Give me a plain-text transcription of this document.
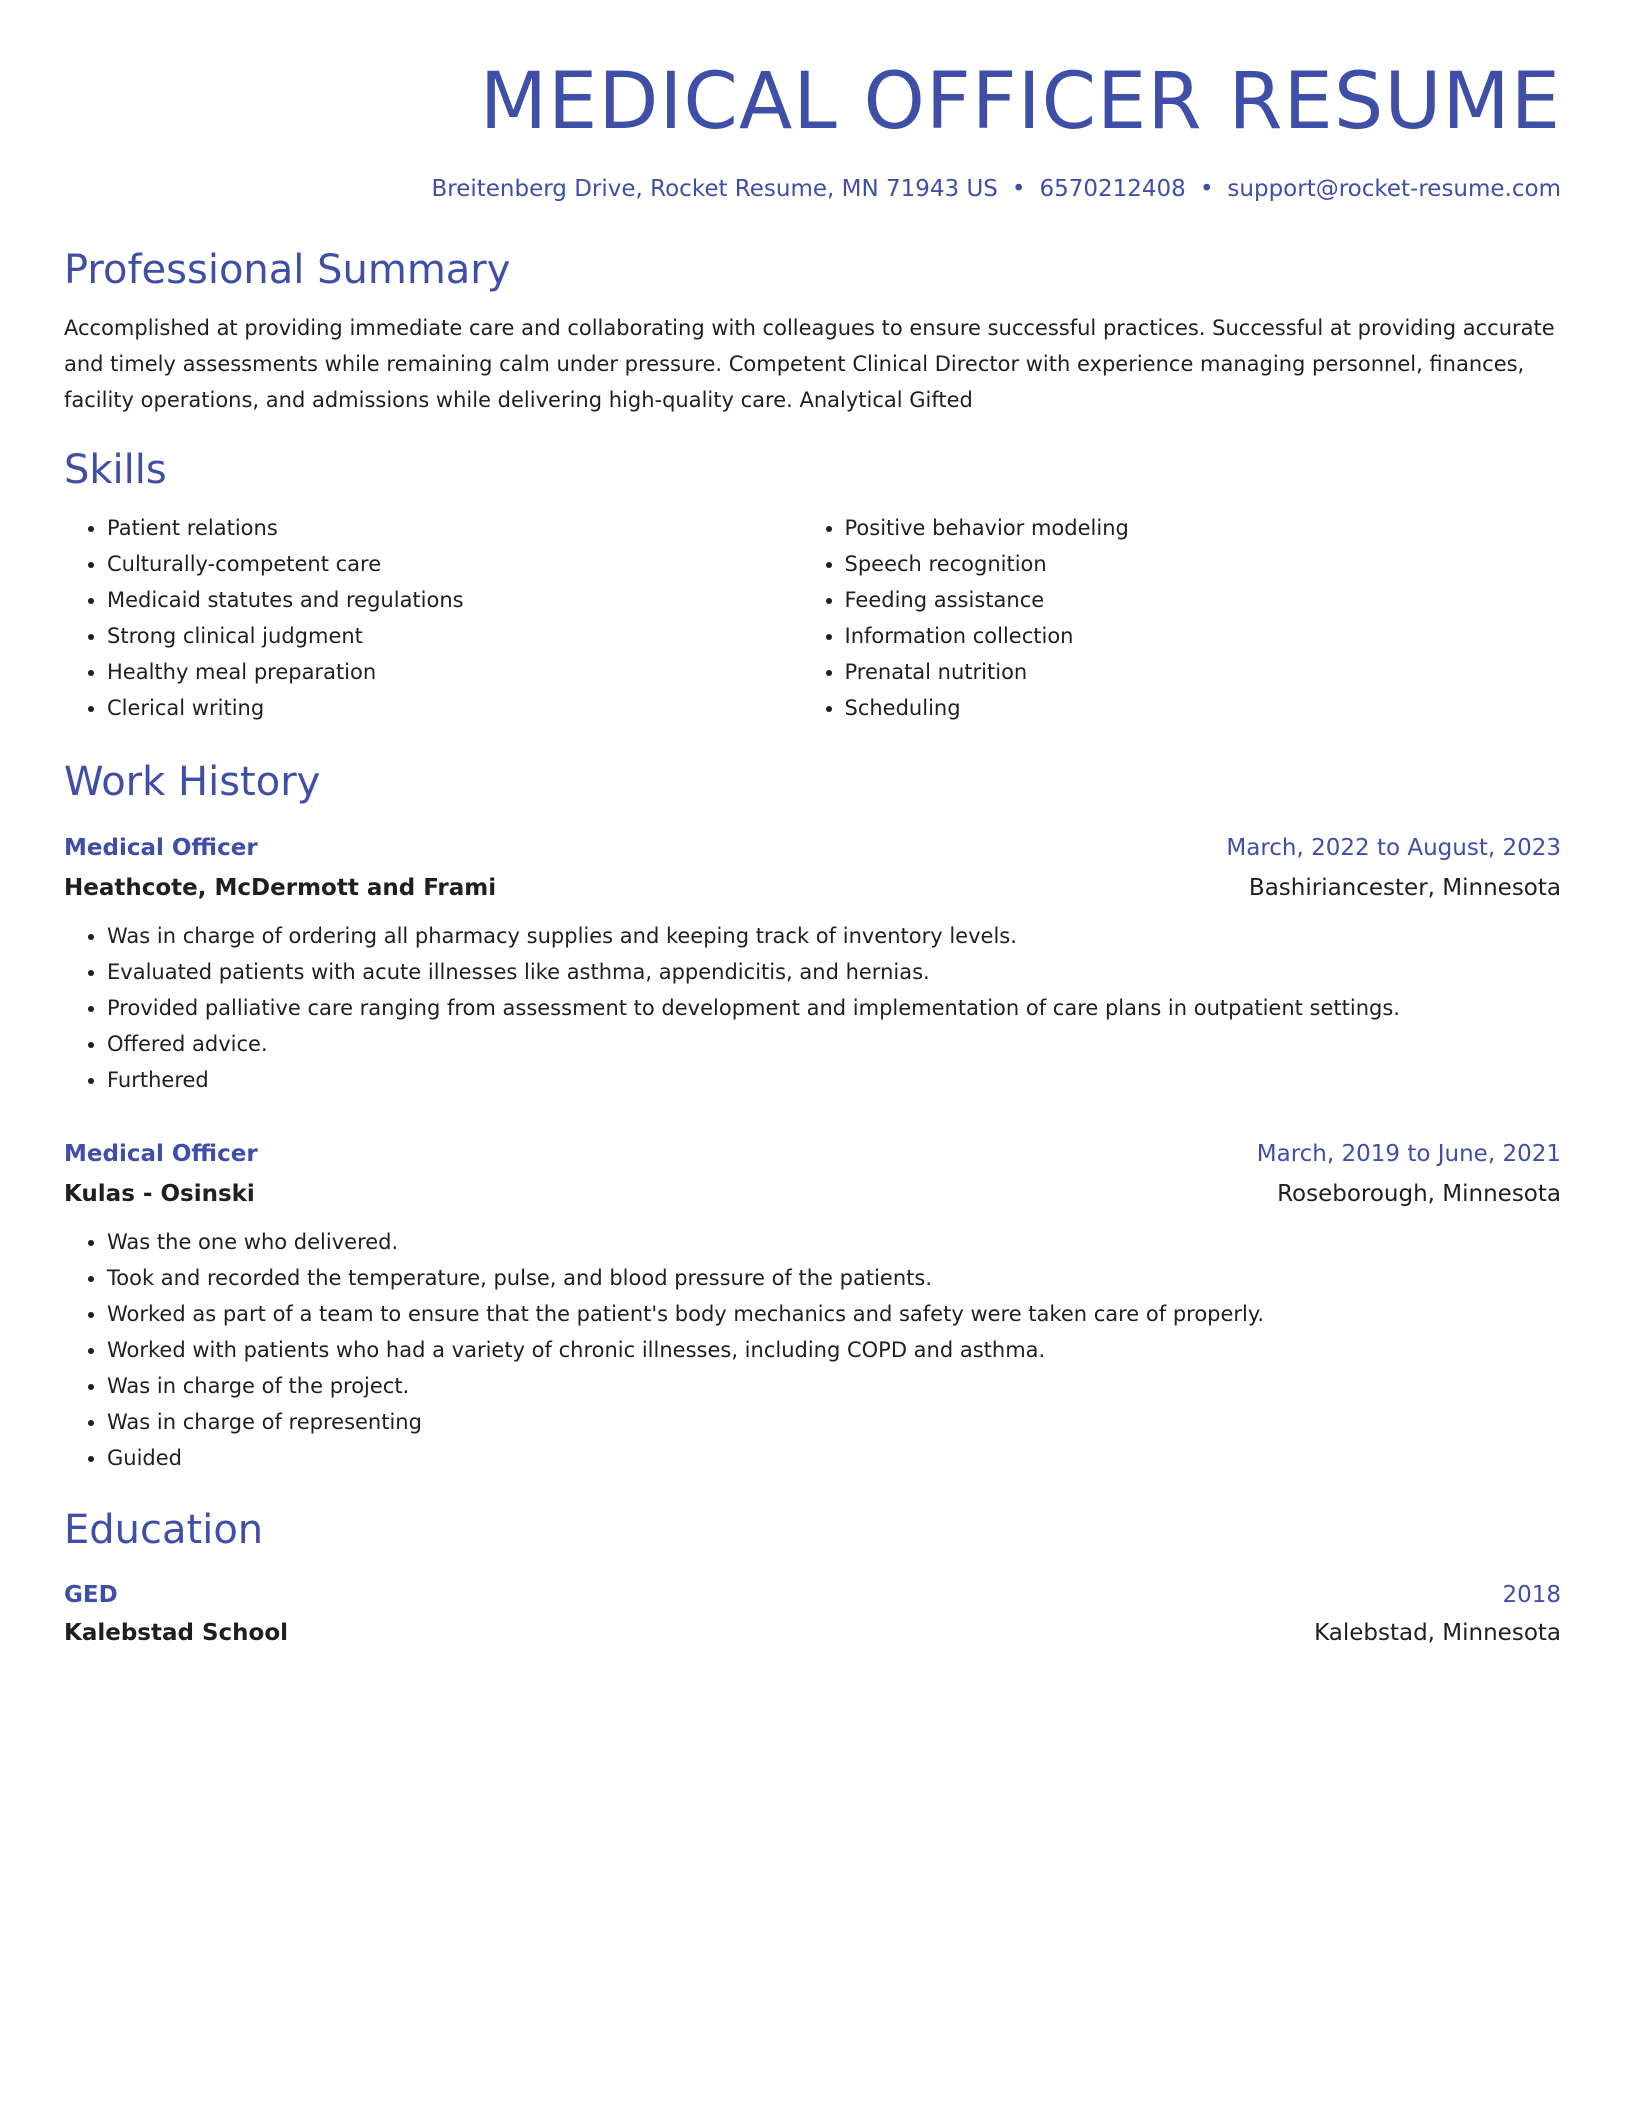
MEDICAL OFFICER RESUME
Breitenberg Drive, Rocket Resume, MN 71943 US • 6570212408 • support@rocket-resume.com
Professional Summary

Accomplished at providing immediate care and collaborating with colleagues to ensure successful practices. Successful at providing accurate and timely assessments while remaining calm under pressure. Competent Clinical Director with experience managing personnel, finances, facility operations, and admissions while delivering high-quality care. Analytical Gifted

Skills
• Patient relations
• Culturally-competent care
• Medicaid statutes and regulations
• Strong clinical judgment
• Healthy meal preparation
• Clerical writing
• Positive behavior modeling
• Speech recognition
• Feeding assistance
• Information collection
• Prenatal nutrition
• Scheduling
Work History
Medical Officer	March, 2022 to August, 2023
Heathcote, McDermott and Frami	Bashiriancester, Minnesota
• Was in charge of ordering all pharmacy supplies and keeping track of inventory levels.
• Evaluated patients with acute illnesses like asthma, appendicitis, and hernias.
• Provided palliative care ranging from assessment to development and implementation of care plans in outpatient settings.
• Offered advice.
• Furthered
Medical Officer	March, 2019 to June, 2021
Kulas - Osinski	Roseborough, Minnesota
• Was the one who delivered.
• Took and recorded the temperature, pulse, and blood pressure of the patients.
• Worked as part of a team to ensure that the patient's body mechanics and safety were taken care of properly.
• Worked with patients who had a variety of chronic illnesses, including COPD and asthma.
• Was in charge of the project.
• Was in charge of representing
• Guided
Education
GED	2018
Kalebstad School	Kalebstad, Minnesota
